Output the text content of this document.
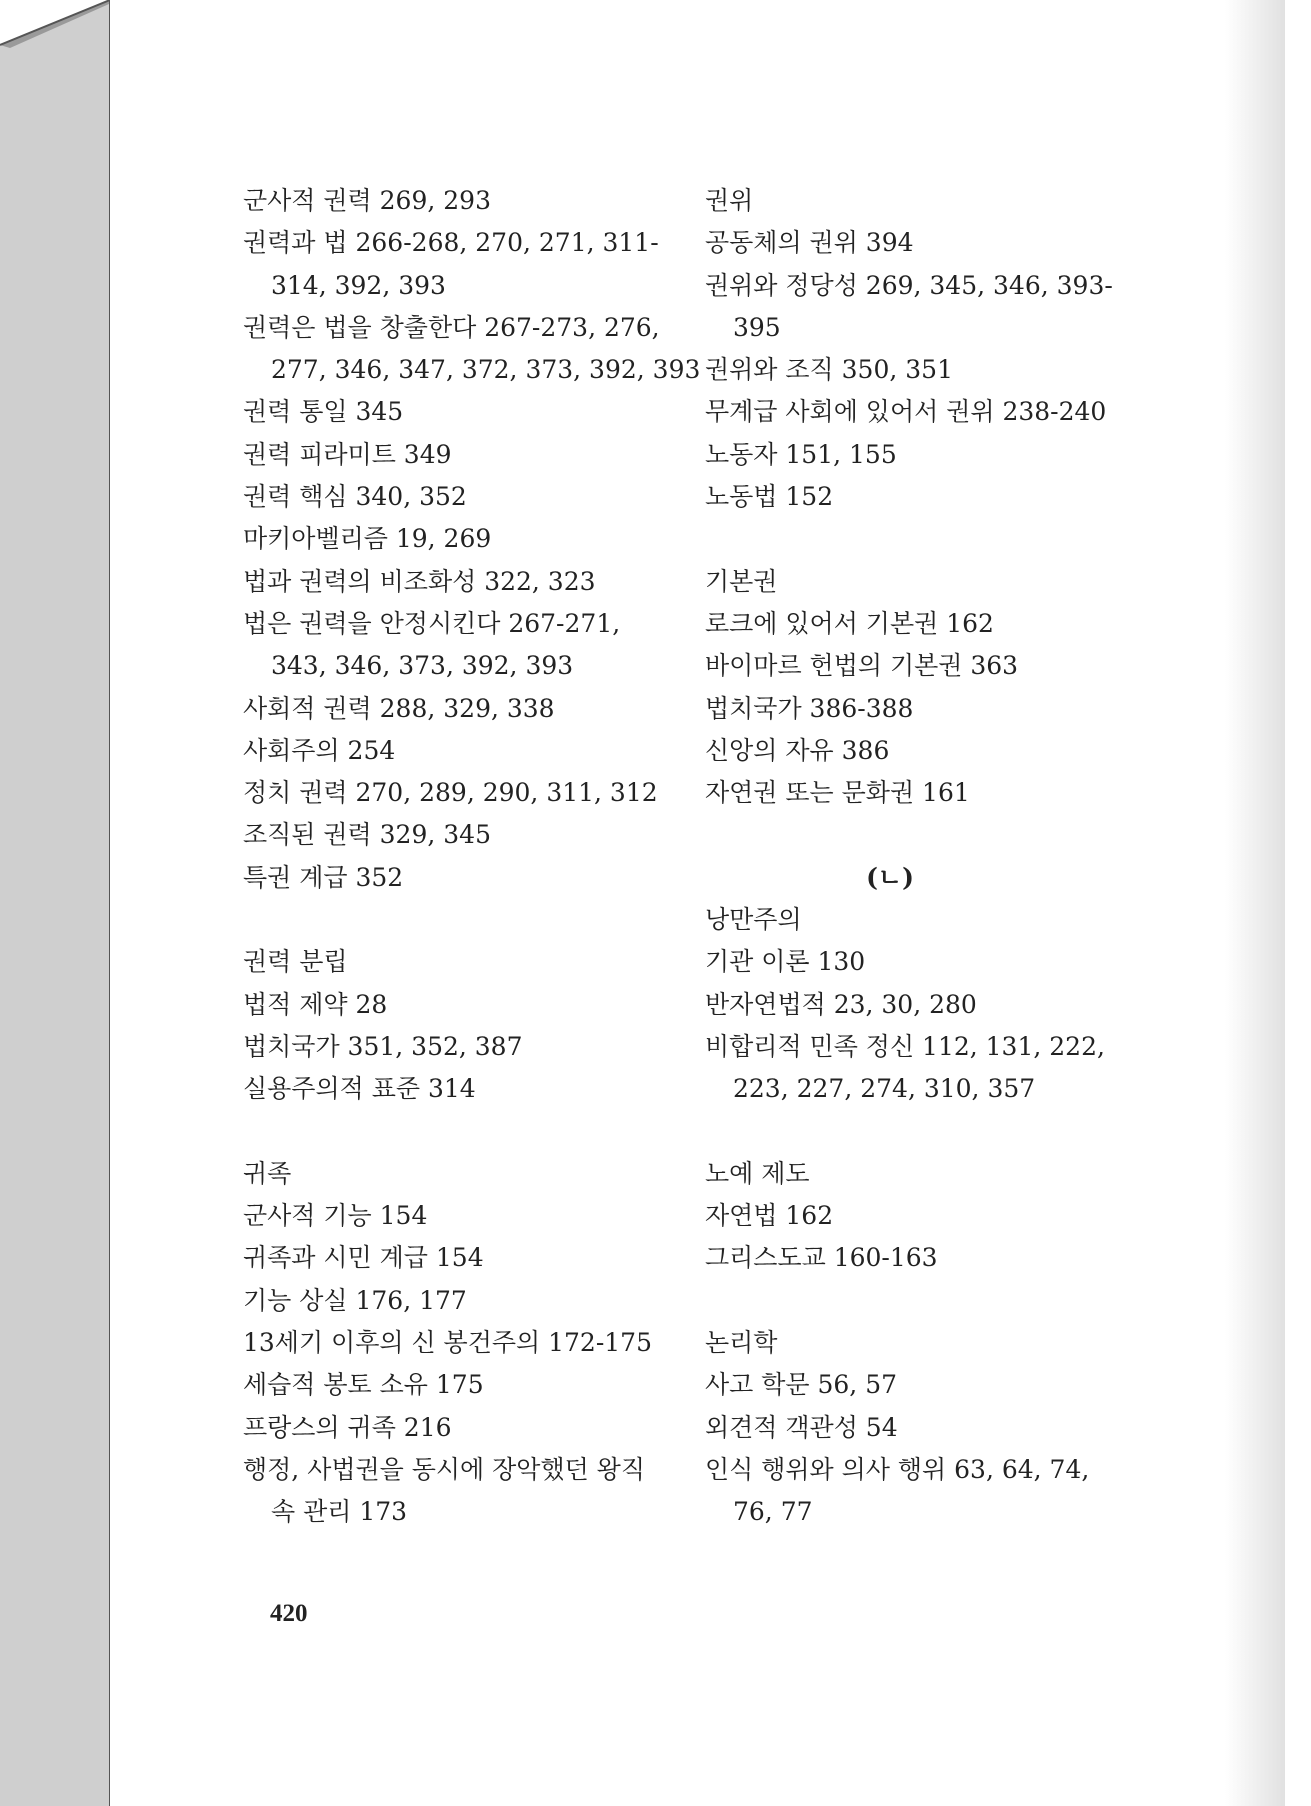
군사적 권력 269, 293
권력과 법 266-268, 270, 271, 311-
314, 392, 393
권력은 법을 창출한다 267-273, 276,
277, 346, 347, 372, 373, 392, 393
권력 통일 345
권력 피라미트 349
권력 핵심 340, 352
마키아벨리즘 19, 269
법과 권력의 비조화성 322, 323
법은 권력을 안정시킨다 267-271,
343, 346, 373, 392, 393
사회적 권력 288, 329, 338
사회주의 254
정치 권력 270, 289, 290, 311, 312
조직된 권력 329, 345
특권 계급 352
권력 분립
법적 제약 28
법치국가 351, 352, 387
실용주의적 표준 314
귀족
군사적 기능 154
귀족과 시민 계급 154
기능 상실 176, 177
13세기 이후의 신 봉건주의 172-175
세습적 봉토 소유 175
프랑스의 귀족 216
행정, 사법권을 동시에 장악했던 왕직
속 관리 173
권위
공동체의 권위 394
권위와 정당성 269, 345, 346, 393-
395
권위와 조직 350, 351
무계급 사회에 있어서 권위 238-240
노동자 151, 155
노동법 152
기본권
로크에 있어서 기본권 162
바이마르 헌법의 기본권 363
법치국가 386-388
신앙의 자유 386
자연권 또는 문화권 161
(ㄴ)
낭만주의
기관 이론 130
반자연법적 23, 30, 280
비합리적 민족 정신 112, 131, 222,
223, 227, 274, 310, 357
노예 제도
자연법 162
그리스도교 160-163
논리학
사고 학문 56, 57
외견적 객관성 54
인식 행위와 의사 행위 63, 64, 74,
76, 77
420
